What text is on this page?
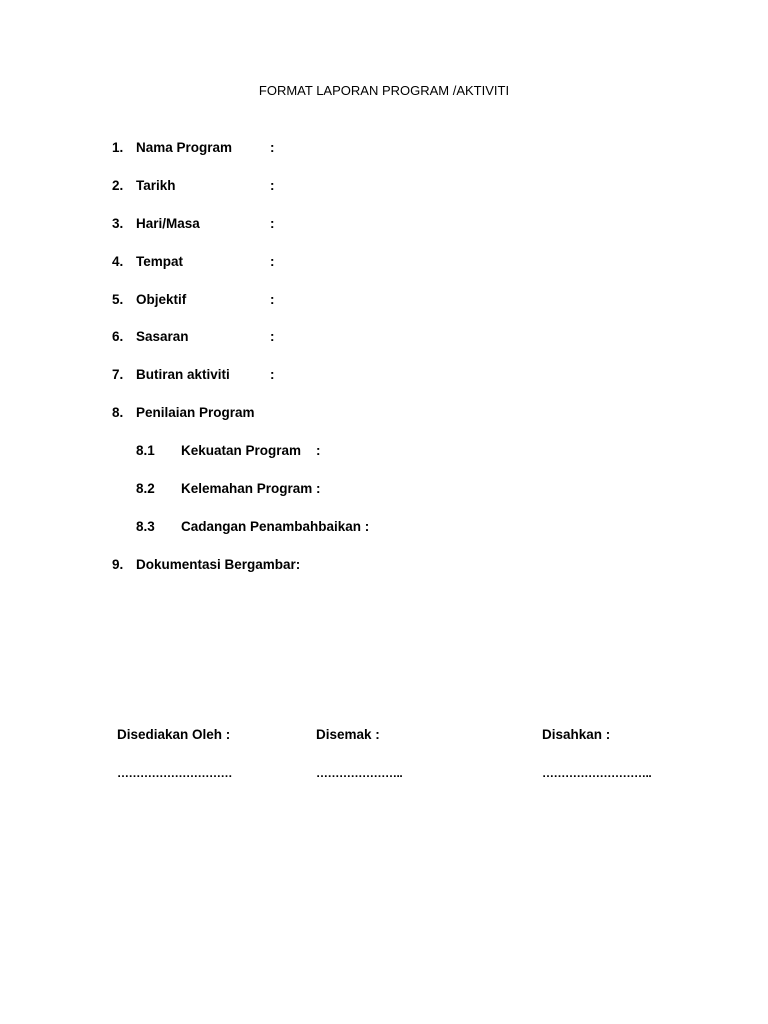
FORMAT LAPORAN PROGRAM /AKTIVITI
1. Nama Program	:
2. Tarikh	:
3. Hari/Masa	:
4. Tempat	:
5. Objektif	:
6. Sasaran	:
7. Butiran aktiviti	:
8. Penilaian Program
8.1 Kekuatan Program :
8.2 Kelemahan Program :
8.3 Cadangan Penambahbaikan :
9. Dokumentasi Bergambar:
Disediakan Oleh :	Disemak :	Disahkan :
…………………………	…………………..	………………………..
